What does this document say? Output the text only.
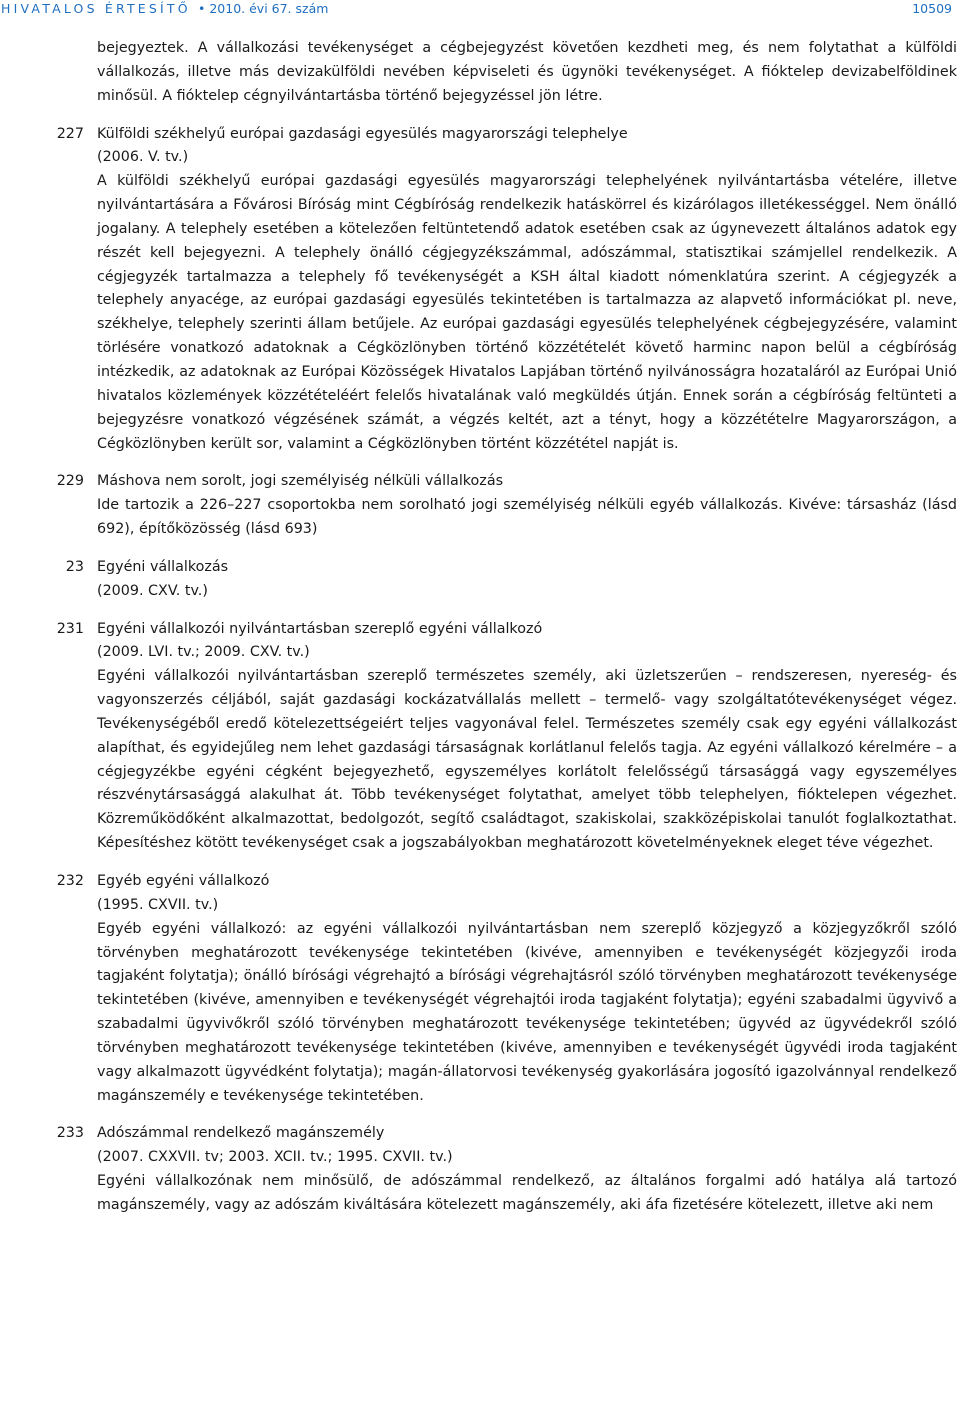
HIVATALOS ÉRTESÍTŐ • 2010. évi 67. szám	10509
bejegyeztek. A vállalkozási tevékenységet a cégbejegyzést követően kezdheti meg, és nem folytathat a külföldi vállalkozás, illetve más devizakülföldi nevében képviseleti és ügynöki tevékenységet. A fióktelep devizabelföldinek minősül. A fióktelep cégnyilvántartásba történő bejegyzéssel jön létre.
227 Külföldi székhelyű európai gazdasági egyesülés magyarországi telephelye
(2006. V. tv.)
A külföldi székhelyű európai gazdasági egyesülés magyarországi telephelyének nyilvántartásba vételére, illetve nyilvántartására a Fővárosi Bíróság mint Cégbíróság rendelkezik hatáskörrel és kizárólagos illetékességgel. Nem önálló jogalany. A telephely esetében a kötelezően feltüntetendő adatok esetében csak az úgynevezett általános adatok egy részét kell bejegyezni. A telephely önálló cégjegyzékszámmal, adószámmal, statisztikai számjellel rendelkezik. A cégjegyzék tartalmazza a telephely fő tevékenységét a KSH által kiadott nómenklatúra szerint. A cégjegyzék a telephely anyacége, az európai gazdasági egyesülés tekintetében is tartalmazza az alapvető információkat pl. neve, székhelye, telephely szerinti állam betűjele. Az európai gazdasági egyesülés telephelyének cégbejegyzésére, valamint törlésére vonatkozó adatoknak a Cégközlönyben történő közzétételét követő harminc napon belül a cégbíróság intézkedik, az adatoknak az Európai Közösségek Hivatalos Lapjában történő nyilvánosságra hozataláról az Európai Unió hivatalos közlemények közzétételéért felelős hivatalának való megküldés útján. Ennek során a cégbíróság feltünteti a bejegyzésre vonatkozó végzésének számát, a végzés keltét, azt a tényt, hogy a közzétételre Magyarországon, a Cégközlönyben került sor, valamint a Cégközlönyben történt közzététel napját is.
229 Máshova nem sorolt, jogi személyiség nélküli vállalkozás
Ide tartozik a 226–227 csoportokba nem sorolható jogi személyiség nélküli egyéb vállalkozás. Kivéve: társasház (lásd 692), építőközösség (lásd 693)
23 Egyéni vállalkozás
(2009. CXV. tv.)
231 Egyéni vállalkozói nyilvántartásban szereplő egyéni vállalkozó
(2009. LVI. tv.; 2009. CXV. tv.)
Egyéni vállalkozói nyilvántartásban szereplő természetes személy, aki üzletszerűen – rendszeresen, nyereség- és vagyonszerzés céljából, saját gazdasági kockázatvállalás mellett – termelő- vagy szolgáltatótevékenységet végez. Tevékenységéből eredő kötelezettségeiért teljes vagyonával felel. Természetes személy csak egy egyéni vállalkozást alapíthat, és egyidejűleg nem lehet gazdasági társaságnak korlátlanul felelős tagja. Az egyéni vállalkozó kérelmére – a cégjegyzékbe egyéni cégként bejegyezhető, egyszemélyes korlátolt felelősségű társasággá vagy egyszemélyes részvénytársasággá alakulhat át. Több tevékenységet folytathat, amelyet több telephelyen, fióktelepen végezhet. Közreműködőként alkalmazottat, bedolgozót, segítő családtagot, szakiskolai, szakközépiskolai tanulót foglalkoztathat. Képesítéshez kötött tevékenységet csak a jogszabályokban meghatározott követelményeknek eleget téve végezhet.
232 Egyéb egyéni vállalkozó
(1995. CXVII. tv.)
Egyéb egyéni vállalkozó: az egyéni vállalkozói nyilvántartásban nem szereplő közjegyző a közjegyzőkről szóló törvényben meghatározott tevékenysége tekintetében (kivéve, amennyiben e tevékenységét közjegyzői iroda tagjaként folytatja); önálló bírósági végrehajtó a bírósági végrehajtásról szóló törvényben meghatározott tevékenysége tekintetében (kivéve, amennyiben e tevékenységét végrehajtói iroda tagjaként folytatja); egyéni szabadalmi ügyvivő a szabadalmi ügyvivőkről szóló törvényben meghatározott tevékenysége tekintetében; ügyvéd az ügyvédekről szóló törvényben meghatározott tevékenysége tekintetében (kivéve, amennyiben e tevékenységét ügyvédi iroda tagjaként vagy alkalmazott ügyvédként folytatja); magán-állatorvosi tevékenység gyakorlására jogosító igazolvánnyal rendelkező magánszemély e tevékenysége tekintetében.
233 Adószámmal rendelkező magánszemély
(2007. CXXVII. tv; 2003. XCII. tv.; 1995. CXVII. tv.)
Egyéni vállalkozónak nem minősülő, de adószámmal rendelkező, az általános forgalmi adó hatálya alá tartozó magánszemély, vagy az adószám kiváltására kötelezett magánszemély, aki áfa fizetésére kötelezett, illetve aki nem
